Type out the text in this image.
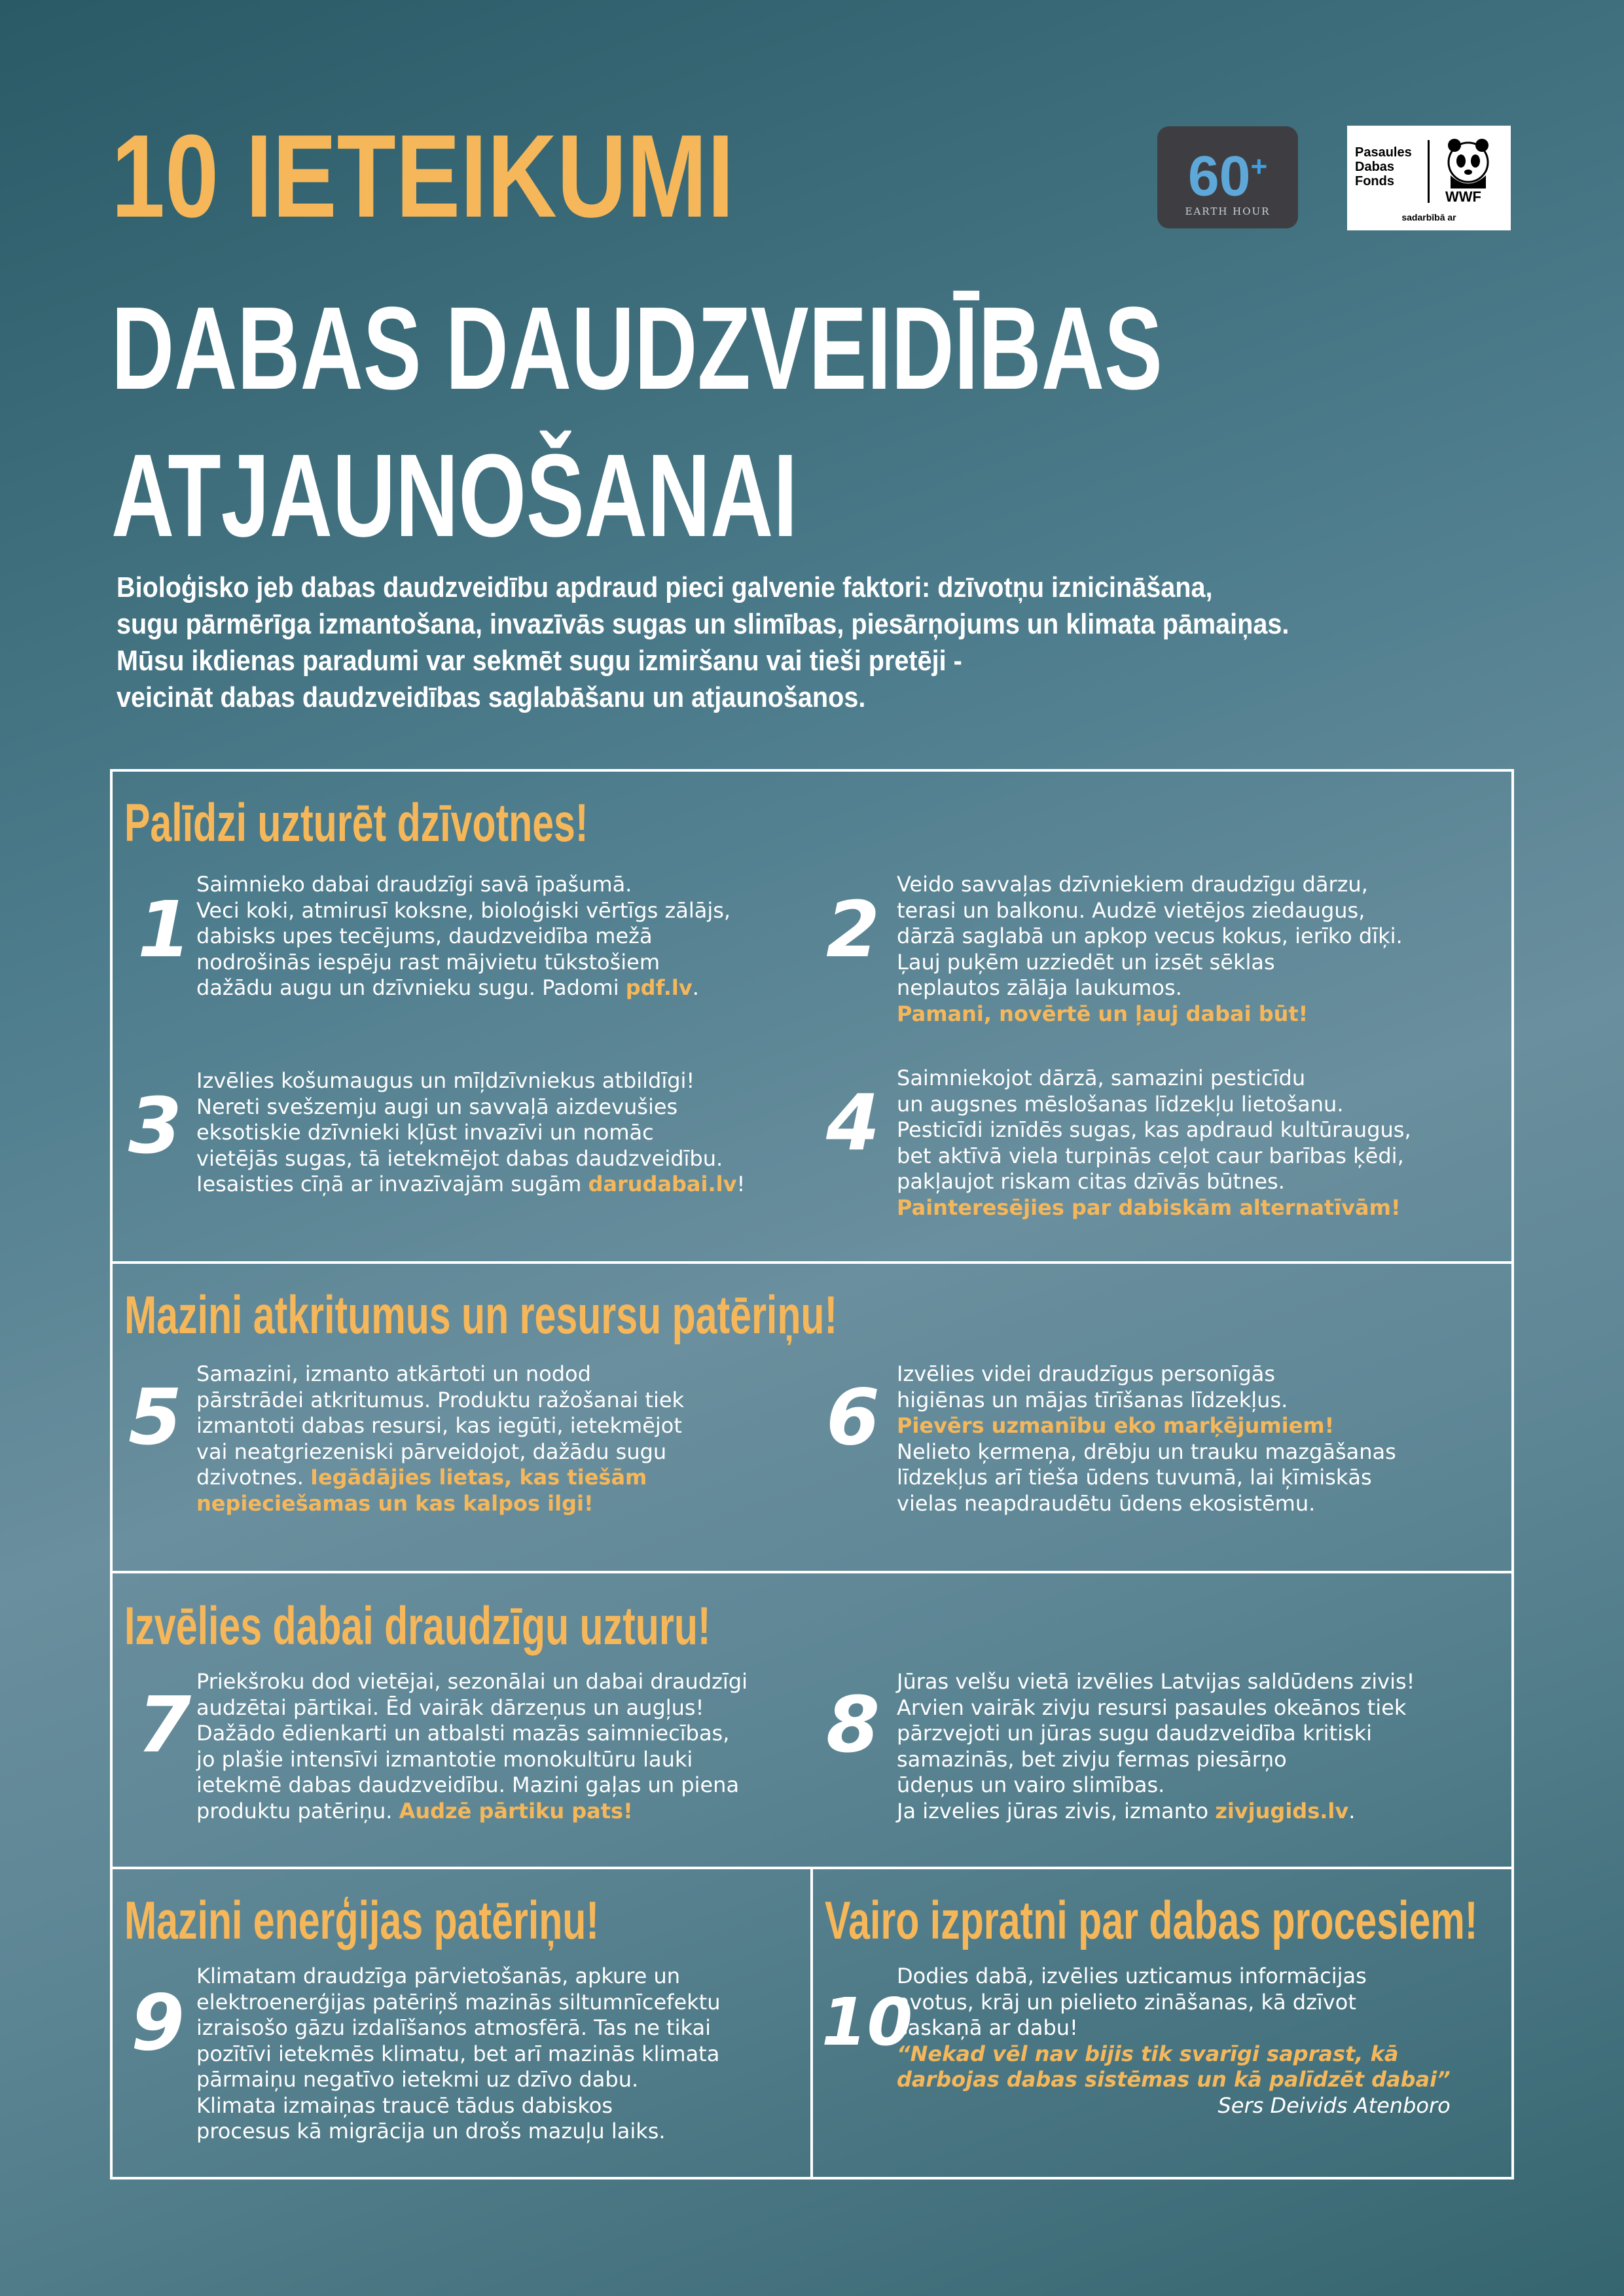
10 IETEIKUMI
DABAS DAUDZVEIDĪBAS
ATJAUNOŠANAI
60+
EARTH HOUR
Pasaules
Dabas
Fonds
WWF
sadarbībā ar
Bioloģisko jeb dabas daudzveidību apdraud pieci galvenie faktori: dzīvotņu iznicināšana,
sugu pārmērīga izmantošana, invazīvās sugas un slimības, piesārņojums un klimata pāmaiņas.
Mūsu ikdienas paradumi var sekmēt sugu izmiršanu vai tieši pretēji -
veicināt dabas daudzveidības saglabāšanu un atjaunošanos.
Palīdzi uzturēt dzīvotnes!
1 Saimnieko dabai draudzīgi savā īpašumā.
Veci koki, atmirusī koksne, bioloģiski vērtīgs zālājs,
dabisks upes tecējums, daudzveidība mežā
nodrošinās iespēju rast mājvietu tūkstošiem
dažādu augu un dzīvnieku sugu. Padomi pdf.lv.
2 Veido savvaļas dzīvniekiem draudzīgu dārzu,
terasi un balkonu. Audzē vietējos ziedaugus,
dārzā saglabā un apkop vecus kokus, ierīko dīķi.
Ļauj puķēm uzziedēt un izsēt sēklas
neplautos zālāja laukumos.
Pamani, novērtē un ļauj dabai būt!
3 Izvēlies košumaugus un mīļdzīvniekus atbildīgi!
Nereti svešzemju augi un savvaļā aizdevušies
eksotiskie dzīvnieki kļūst invazīvi un nomāc
vietējās sugas, tā ietekmējot dabas daudzveidību.
Iesaisties cīņā ar invazīvajām sugām darudabai.lv!
4 Saimniekojot dārzā, samazini pesticīdu
un augsnes mēslošanas līdzekļu lietošanu.
Pesticīdi iznīdēs sugas, kas apdraud kultūraugus,
bet aktīvā viela turpinās ceļot caur barības ķēdi,
pakļaujot riskam citas dzīvās būtnes.
Painteresējies par dabiskām alternatīvām!
Mazini atkritumus un resursu patēriņu!
5 Samazini, izmanto atkārtoti un nodod
pārstrādei atkritumus. Produktu ražošanai tiek
izmantoti dabas resursi, kas iegūti, ietekmējot
vai neatgriezeniski pārveidojot, dažādu sugu
dzivotnes. Iegādājies lietas, kas tiešām
nepieciešamas un kas kalpos ilgi!
6 Izvēlies videi draudzīgus personīgās
higiēnas un mājas tīrīšanas līdzekļus.
Pievērs uzmanību eko marķējumiem!
Nelieto ķermeņa, drēbju un trauku mazgāšanas
līdzekļus arī tieša ūdens tuvumā, lai ķīmiskās
vielas neapdraudētu ūdens ekosistēmu.
Izvēlies dabai draudzīgu uzturu!
7 Priekšroku dod vietējai, sezonālai un dabai draudzīgi
audzētai pārtikai. Ēd vairāk dārzeņus un augļus!
Dažādo ēdienkarti un atbalsti mazās saimniecības,
jo plašie intensīvi izmantotie monokultūru lauki
ietekmē dabas daudzveidību. Mazini gaļas un piena
produktu patēriņu. Audzē pārtiku pats!
8 Jūras velšu vietā izvēlies Latvijas saldūdens zivis!
Arvien vairāk zivju resursi pasaules okeānos tiek
pārzvejoti un jūras sugu daudzveidība kritiski
samazinās, bet zivju fermas piesārņo
ūdeņus un vairo slimības.
Ja izvelies jūras zivis, izmanto zivjugids.lv.
Mazini enerģijas patēriņu!
9
Klimatam draudzīga pārvietošanās, apkure un
elektroenerģijas patēriņš mazinās siltumnīcefektu
izraisošo gāzu izdalīšanos atmosfērā. Tas ne tikai
pozītīvi ietekmēs klimatu, bet arī mazinās klimata
pārmaiņu negatīvo ietekmi uz dzīvo dabu.
Klimata izmaiņas traucē tādus dabiskos
procesus kā migrācija un drošs mazuļu laiks.
Vairo izpratni par dabas procesiem!
10
Dodies dabā, izvēlies uzticamus informācijas
avotus, krāj un pielieto zināšanas, kā dzīvot
saskaņā ar dabu!
“Nekad vēl nav bijis tik svarīgi saprast, kā
darbojas dabas sistēmas un kā palīdzēt dabai”
Sers Deivids Atenboro
